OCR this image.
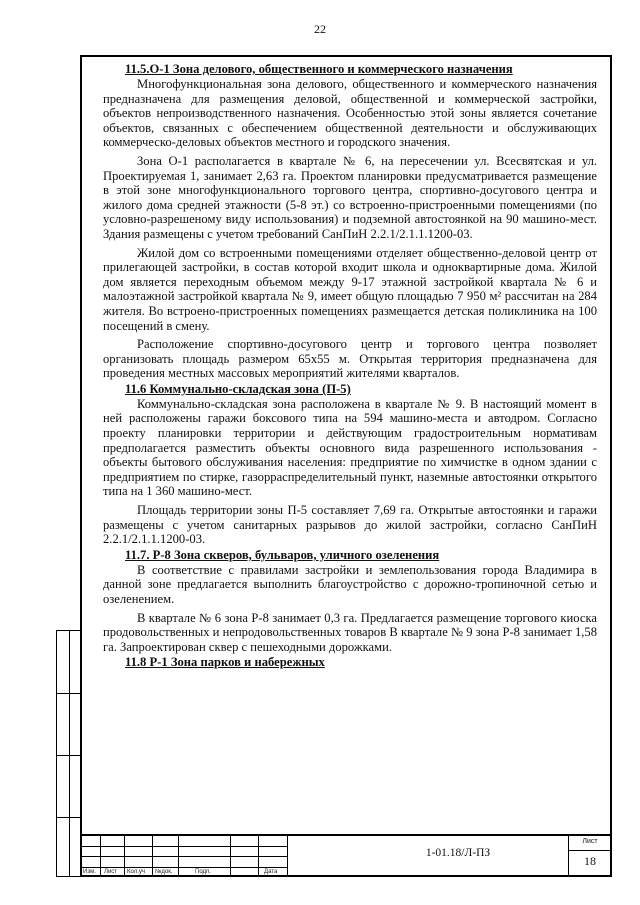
22
11.5.О-1 Зона делового, общественного и коммерческого назначения

Многофункциональная зона делового, общественного и коммерческого назначения предназначена для размещения деловой, общественной и коммерческой застройки, объектов непроизводственного назначения. Особенностью этой зоны является сочетание объектов, связанных с обеспечением общественной деятельности и обслуживающих коммерческо-деловых объектов местного и городского значения.

Зона О-1 располагается в квартале № 6, на пересечении ул. Всесвятская и ул. Проектируемая 1, занимает 2,63 га. Проектом планировки предусматривается размещение в этой зоне многофункционального торгового центра, спортивно-досугового центра и жилого дома средней этажности (5-8 эт.) со встроенно-пристроенными помещениями (по условно-разрешеному виду использования) и подземной автостоянкой на 90 машино-мест. Здания размещены с учетом требований СанПиН 2.2.1/2.1.1.1200-03.

Жилой дом со встроенными помещениями отделяет общественно-деловой центр от прилегающей застройки, в состав которой входит школа и одноквартирные дома. Жилой дом является переходным объемом между 9-17 этажной застройкой квартала № 6 и малоэтажной застройкой квартала № 9, имеет общую площадью 7 950 м² рассчитан на 284 жителя. Во встроено-пристроенных помещениях размещается детская поликлиника на 100 посещений в смену.

Расположение спортивно-досугового центр и торгового центра позволяет организовать площадь размером 65х55 м. Открытая территория предназначена для проведения местных массовых мероприятий жителями кварталов.

11.6 Коммунально-складская зона (П-5)

Коммунально-складская зона расположена в квартале № 9. В настоящий момент в ней расположены гаражи боксового типа на 594 машино-места и автодром. Согласно проекту планировки территории и действующим градостроительным нормативам предполагается разместить объекты основного вида разрешенного использования - объекты бытового обслуживания населения: предприятие по химчистке в одном здании с предприятием по стирке, газорраспределительный пункт, наземные автостоянки открытого типа на 1 360 машино-мест.

Площадь территории зоны П-5 составляет 7,69 га. Открытые автостоянки и гаражи размещены с учетом санитарных разрывов до жилой застройки, согласно СанПиН 2.2.1/2.1.1.1200-03.

11.7. Р-8 Зона скверов, бульваров, уличного озеленения

В соответствие с правилами застройки и землепользования города Владимира в данной зоне предлагается выполнить благоустройство с дорожно-тропиночной сетью и озеленением.

В квартале № 6 зона Р-8 занимает 0,3 га. Предлагается размещение торгового киоска продовольственных и непродовольственных товаров В квартале № 9 зона Р-8 занимает 1,58 га. Запроектирован сквер с пешеходными дорожками.

11.8 Р-1 Зона парков и набережных
Изм. Лист Кол.уч №док.	Подп.	Дата
1-01.18/Л-ПЗ
Лист
18
